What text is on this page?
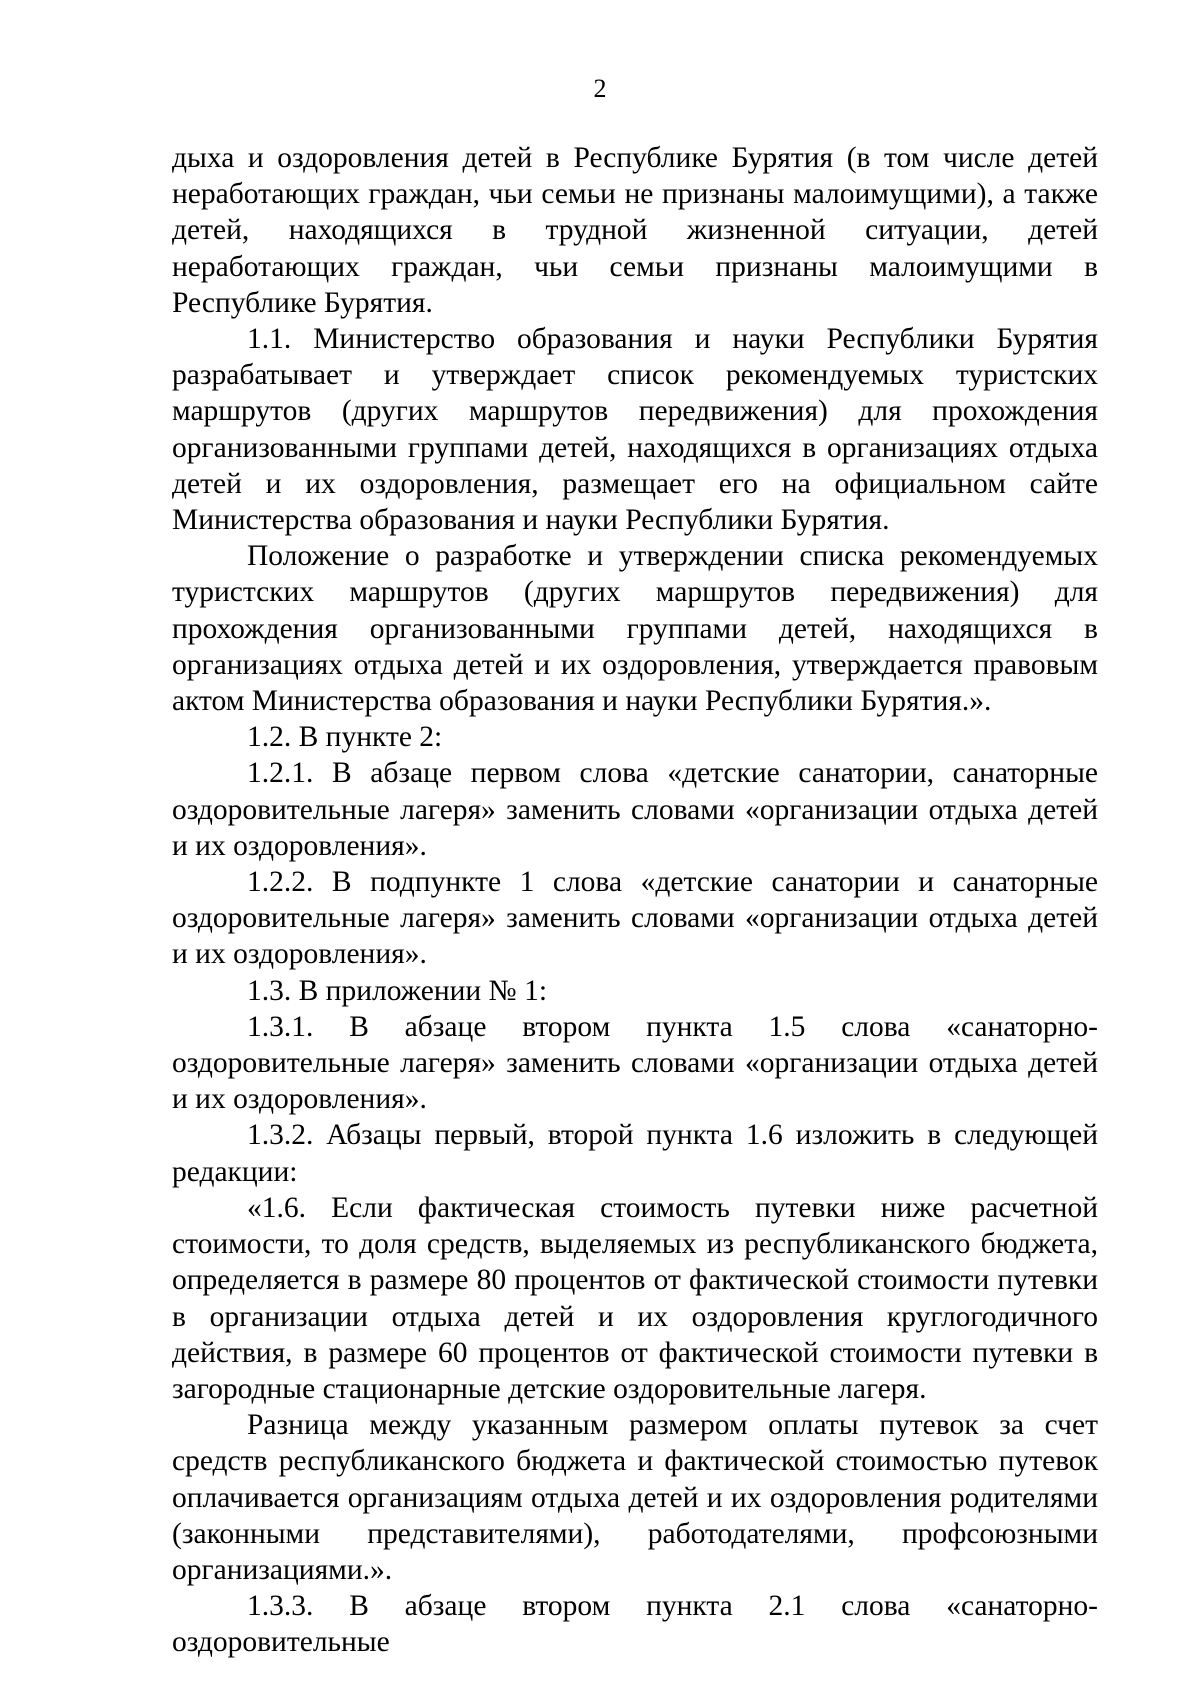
2

дыха и оздоровления детей в Республике Бурятия (в том числе детей неработающих граждан, чьи семьи не признаны малоимущими), а также детей, находящихся в трудной жизненной ситуации, детей неработающих граждан, чьи семьи признаны малоимущими в Республике Бурятия.

1.1. Министерство образования и науки Республики Бурятия разрабатывает и утверждает список рекомендуемых туристских маршрутов (других маршрутов передвижения) для прохождения организованными группами детей, находящихся в организациях отдыха детей и их оздоровления, размещает его на официальном сайте Министерства образования и науки Республики Бурятия.

Положение о разработке и утверждении списка рекомендуемых туристских маршрутов (других маршрутов передвижения) для прохождения организованными группами детей, находящихся в организациях отдыха детей и их оздоровления, утверждается правовым актом Министерства образования и науки Республики Бурятия.».

1.2. В пункте 2:

1.2.1. В абзаце первом слова «детские санатории, санаторные оздоровительные лагеря» заменить словами «организации отдыха детей и их оздоровления».

1.2.2. В подпункте 1 слова «детские санатории и санаторные оздоровительные лагеря» заменить словами «организации отдыха детей и их оздоровления».

1.3. В приложении № 1:

1.3.1. В абзаце втором пункта 1.5 слова «санаторно-оздоровительные лагеря» заменить словами «организации отдыха детей и их оздоровления».

1.3.2. Абзацы первый, второй пункта 1.6 изложить в следующей редакции:

«1.6. Если фактическая стоимость путевки ниже расчетной стоимости, то доля средств, выделяемых из республиканского бюджета, определяется в размере 80 процентов от фактической стоимости путевки в организации отдыха детей и их оздоровления круглогодичного действия, в размере 60 процентов от фактической стоимости путевки в загородные стационарные детские оздоровительные лагеря.

Разница между указанным размером оплаты путевок за счет средств республиканского бюджета и фактической стоимостью путевок оплачивается организациям отдыха детей и их оздоровления родителями (законными представителями), работодателями, профсоюзными организациями.».

1.3.3. В абзаце втором пункта 2.1 слова «санаторно-оздоровительные
